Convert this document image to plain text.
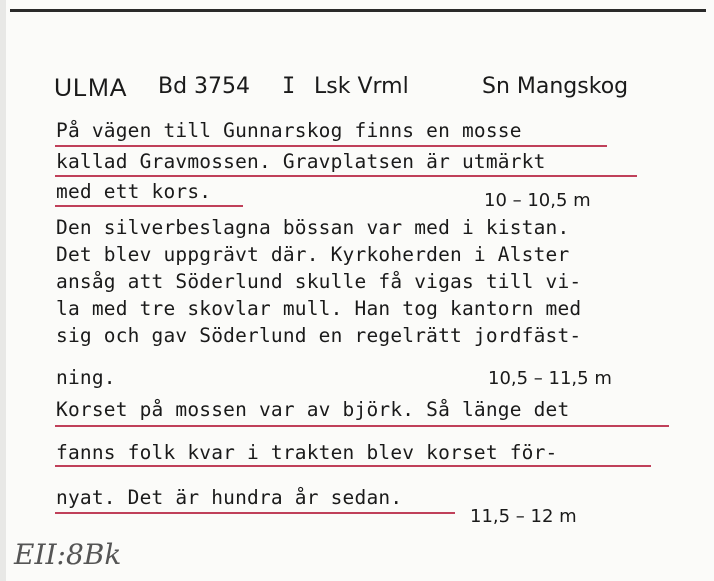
ULMA Bd 3754 I Lsk Vrml	Sn Mangskog
På vägen till Gunnarskog finns en mosse
kallad Gravmossen. Gravplatsen är utmärkt
med ett kors.	10 – 10,5 m
Den silverbeslagna bössan var med i kistan.
Det blev uppgrävt där. Kyrkoherden i Alster
ansåg att Söderlund skulle få vigas till vi-
la med tre skovlar mull. Han tog kantorn med
sig och gav Söderlund en regelrätt jordfäst-
ning.	10,5 – 11,5 m
Korset på mossen var av björk. Så länge det
fanns folk kvar i trakten blev korset för-
nyat. Det är hundra år sedan.
11,5 – 12 m
EII:8Bk
